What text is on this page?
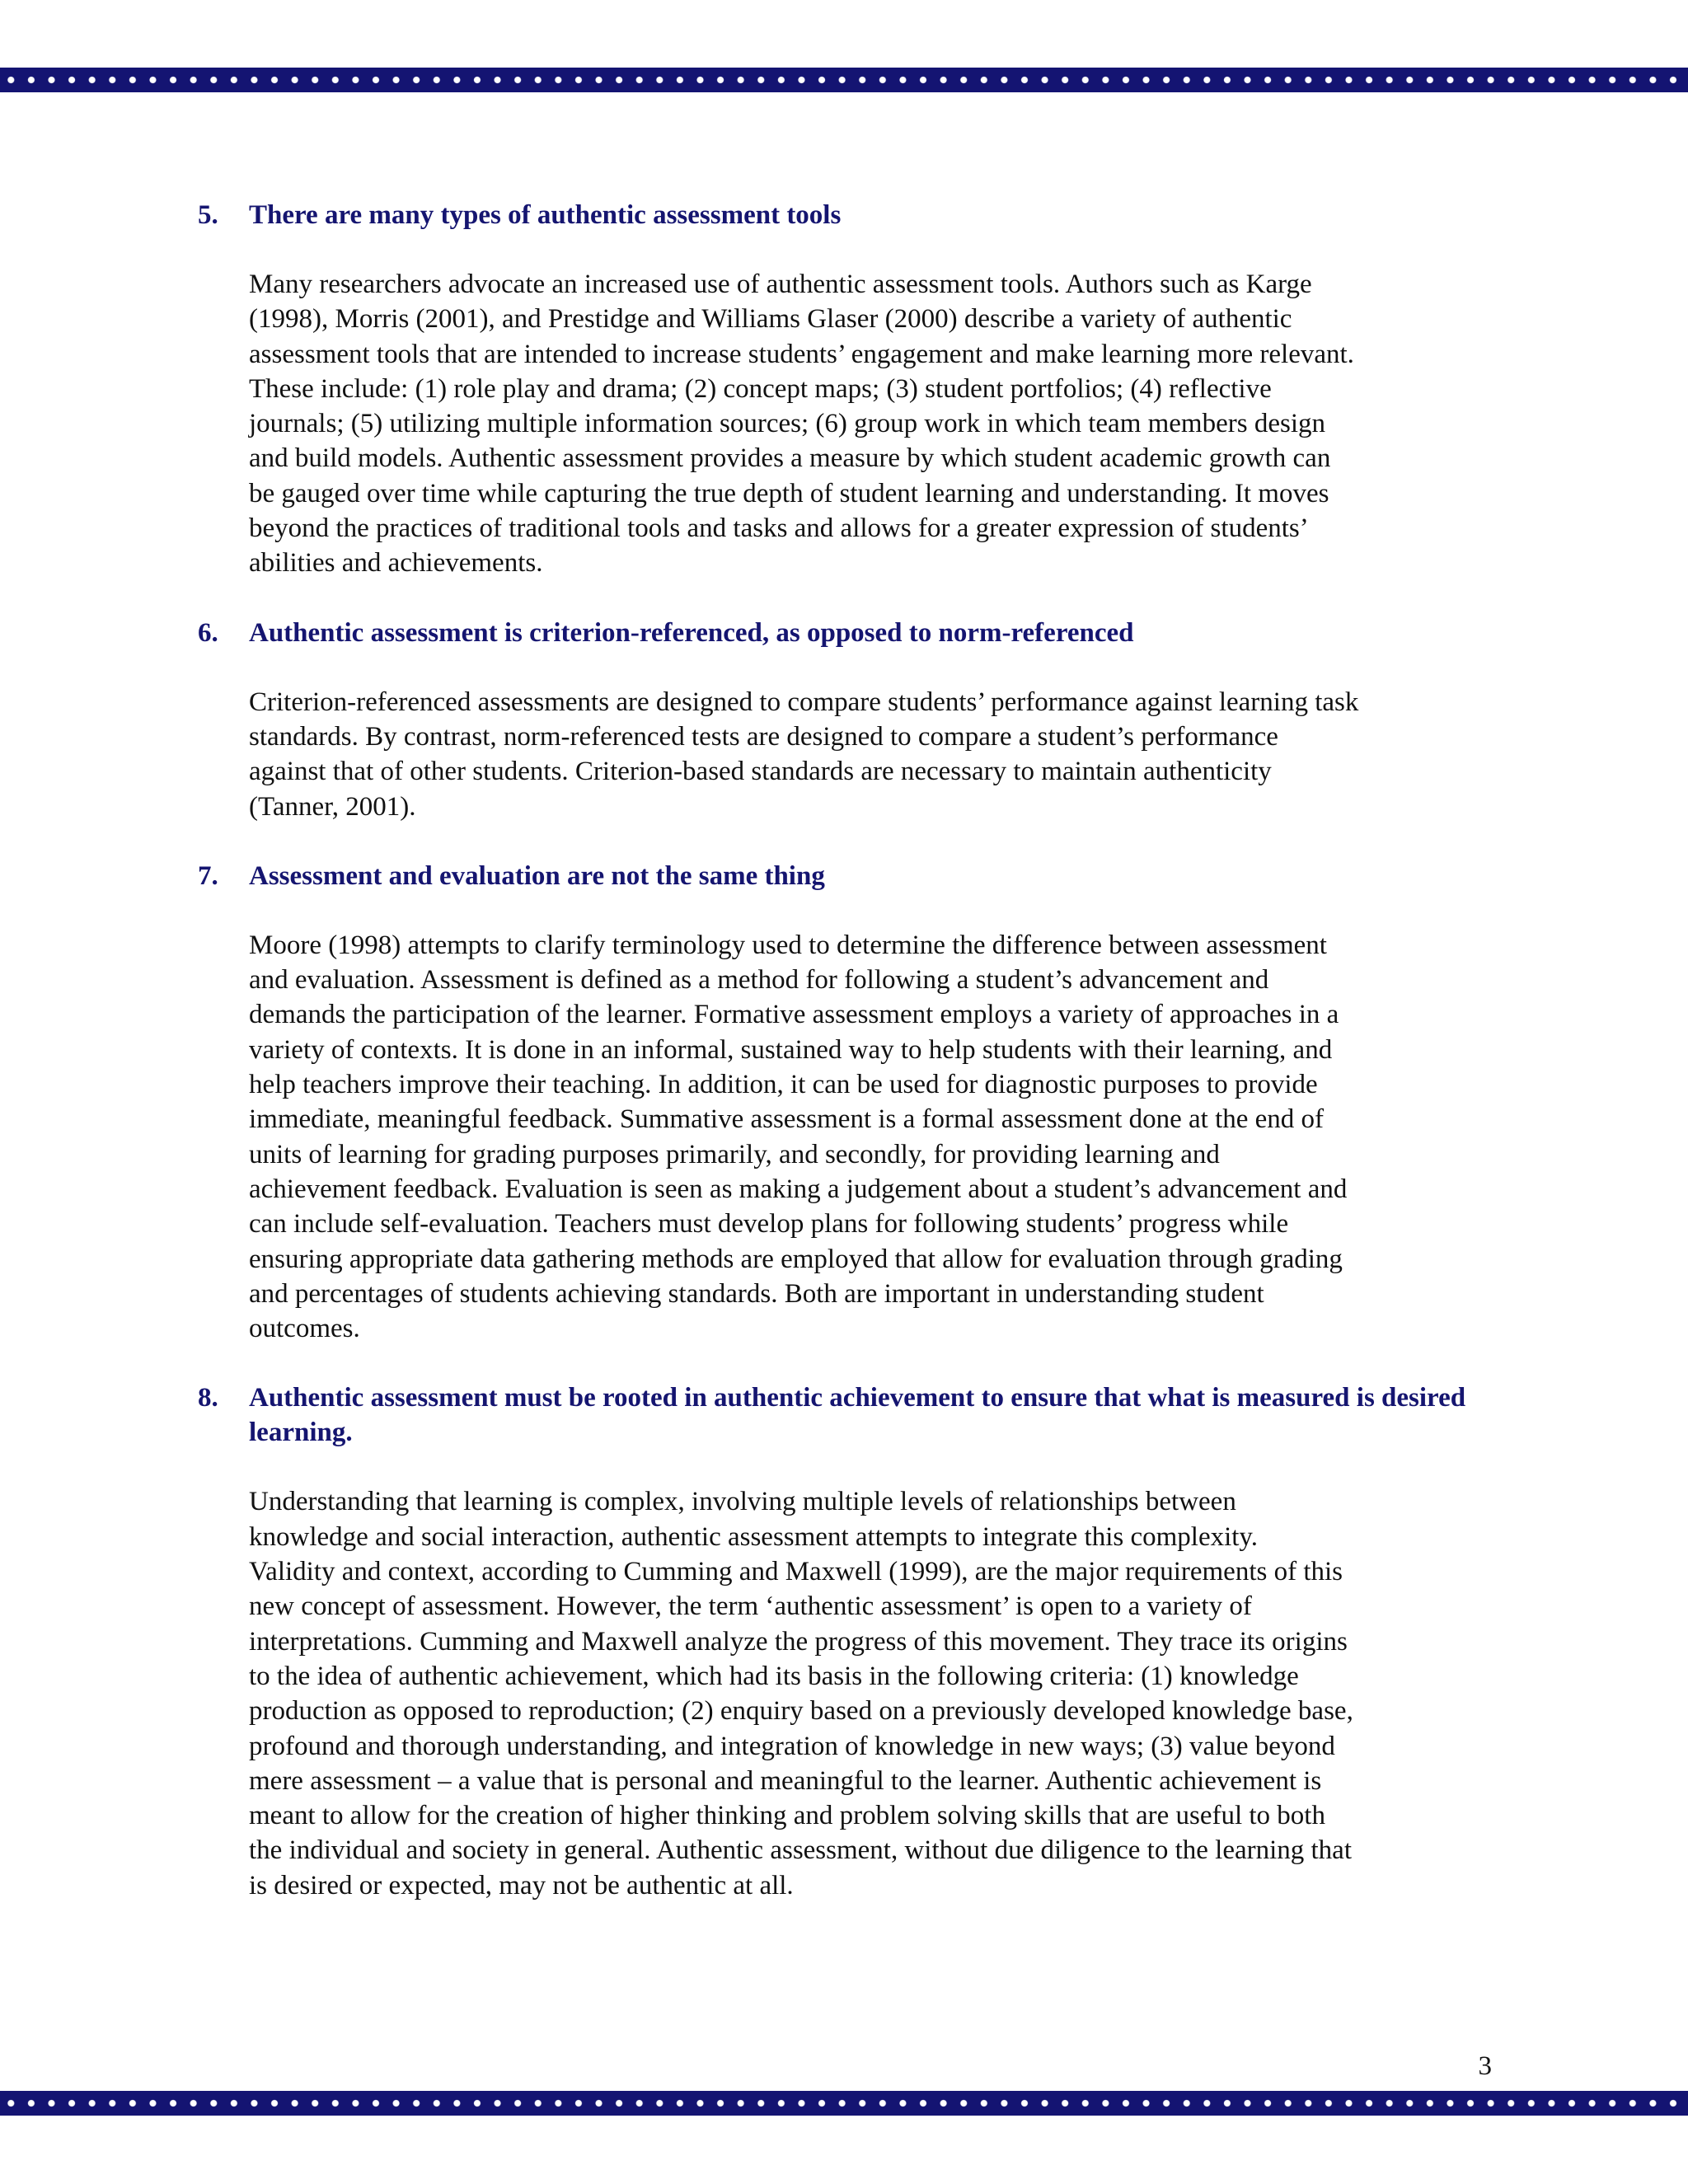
5.	There are many types of authentic assessment tools

Many researchers advocate an increased use of authentic assessment tools. Authors such as Karge
(1998), Morris (2001), and Prestidge and Williams Glaser (2000) describe a variety of authentic
assessment tools that are intended to increase students’ engagement and make learning more relevant.
These include: (1) role play and drama; (2) concept maps; (3) student portfolios; (4) reflective
journals; (5) utilizing multiple information sources; (6) group work in which team members design
and build models. Authentic assessment provides a measure by which student academic growth can
be gauged over time while capturing the true depth of student learning and understanding. It moves
beyond the practices of traditional tools and tasks and allows for a greater expression of students’
abilities and achievements.

6.	Authentic assessment is criterion-referenced, as opposed to norm-referenced

Criterion-referenced assessments are designed to compare students’ performance against learning task
standards. By contrast, norm-referenced tests are designed to compare a student’s performance
against that of other students. Criterion-based standards are necessary to maintain authenticity
(Tanner, 2001).

7.	Assessment and evaluation are not the same thing

Moore (1998) attempts to clarify terminology used to determine the difference between assessment
and evaluation. Assessment is defined as a method for following a student’s advancement and
demands the participation of the learner. Formative assessment employs a variety of approaches in a
variety of contexts. It is done in an informal, sustained way to help students with their learning, and
help teachers improve their teaching. In addition, it can be used for diagnostic purposes to provide
immediate, meaningful feedback. Summative assessment is a formal assessment done at the end of
units of learning for grading purposes primarily, and secondly, for providing learning and
achievement feedback. Evaluation is seen as making a judgement about a student’s advancement and
can include self-evaluation. Teachers must develop plans for following students’ progress while
ensuring appropriate data gathering methods are employed that allow for evaluation through grading
and percentages of students achieving standards. Both are important in understanding student
outcomes.

8.	Authentic assessment must be rooted in authentic achievement to ensure that what is measured is desired learning.

Understanding that learning is complex, involving multiple levels of relationships between
knowledge and social interaction, authentic assessment attempts to integrate this complexity.
Validity and context, according to Cumming and Maxwell (1999), are the major requirements of this
new concept of assessment. However, the term ‘authentic assessment’ is open to a variety of
interpretations. Cumming and Maxwell analyze the progress of this movement. They trace its origins
to the idea of authentic achievement, which had its basis in the following criteria: (1) knowledge
production as opposed to reproduction; (2) enquiry based on a previously developed knowledge base,
profound and thorough understanding, and integration of knowledge in new ways; (3) value beyond
mere assessment – a value that is personal and meaningful to the learner. Authentic achievement is
meant to allow for the creation of higher thinking and problem solving skills that are useful to both
the individual and society in general. Authentic assessment, without due diligence to the learning that
is desired or expected, may not be authentic at all.

3
